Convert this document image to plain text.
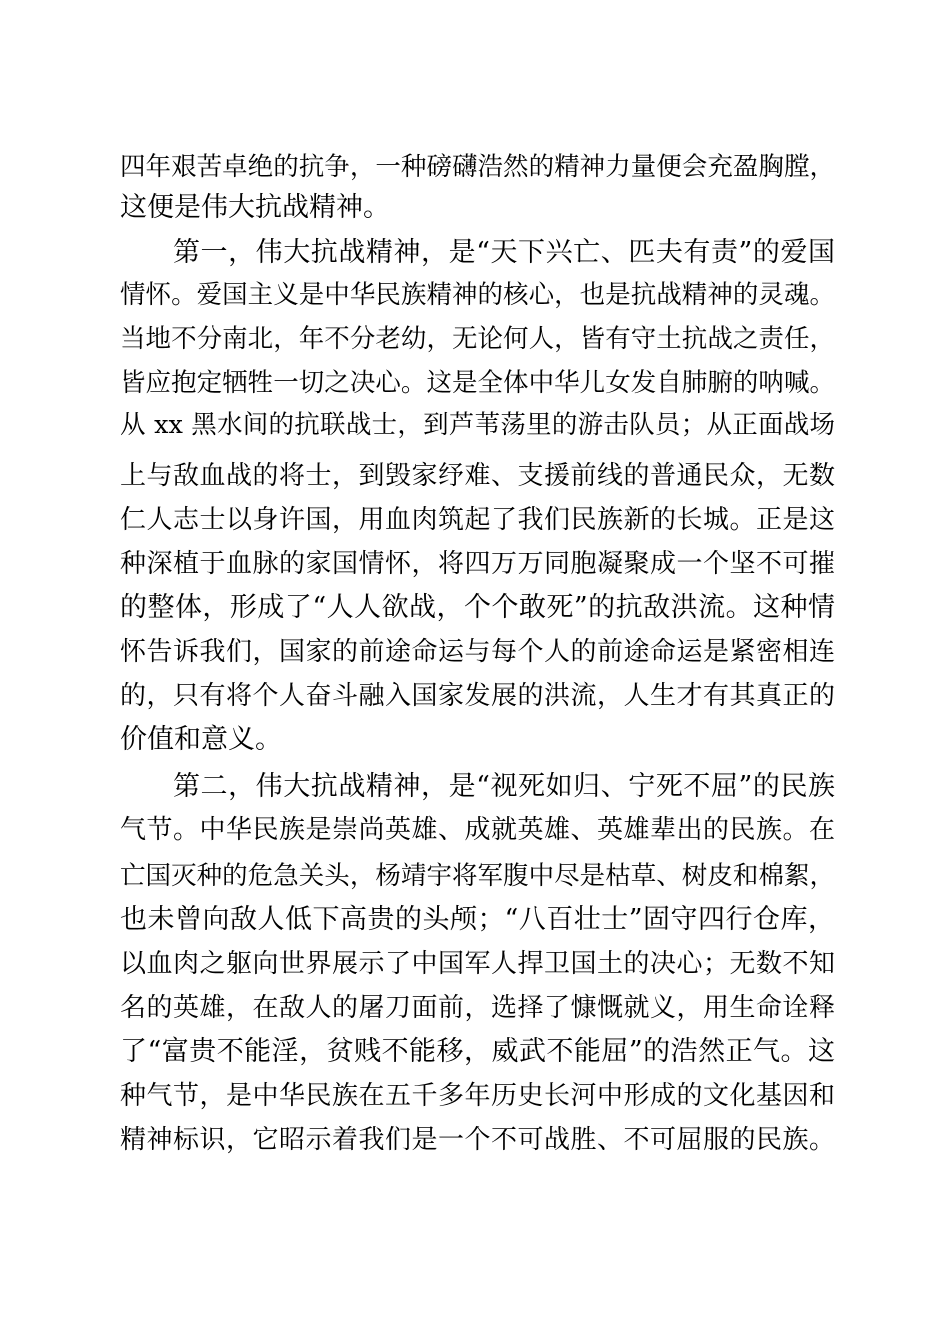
四年艰苦卓绝的抗争，一种磅礴浩然的精神力量便会充盈胸膛，
这便是伟大抗战精神。
第一，伟大抗战精神，是“天下兴亡、匹夫有责”的爱国
情怀。爱国主义是中华民族精神的核心，也是抗战精神的灵魂。
当地不分南北，年不分老幼，无论何人，皆有守土抗战之责任，
皆应抱定牺牲一切之决心。这是全体中华儿女发自肺腑的呐喊。
从 xx 黑水间的抗联战士，到芦苇荡里的游击队员；从正面战场
上与敌血战的将士，到毁家纾难、支援前线的普通民众，无数
仁人志士以身许国，用血肉筑起了我们民族新的长城。正是这
种深植于血脉的家国情怀，将四万万同胞凝聚成一个坚不可摧
的整体，形成了“人人欲战，个个敢死”的抗敌洪流。这种情
怀告诉我们，国家的前途命运与每个人的前途命运是紧密相连
的，只有将个人奋斗融入国家发展的洪流，人生才有其真正的
价值和意义。
第二，伟大抗战精神，是“视死如归、宁死不屈”的民族
气节。中华民族是崇尚英雄、成就英雄、英雄辈出的民族。在
亡国灭种的危急关头，杨靖宇将军腹中尽是枯草、树皮和棉絮，
也未曾向敌人低下高贵的头颅；“八百壮士”固守四行仓库，
以血肉之躯向世界展示了中国军人捍卫国土的决心；无数不知
名的英雄，在敌人的屠刀面前，选择了慷慨就义，用生命诠释
了“富贵不能淫，贫贱不能移，威武不能屈”的浩然正气。这
种气节，是中华民族在五千多年历史长河中形成的文化基因和
精神标识，它昭示着我们是一个不可战胜、不可屈服的民族。
